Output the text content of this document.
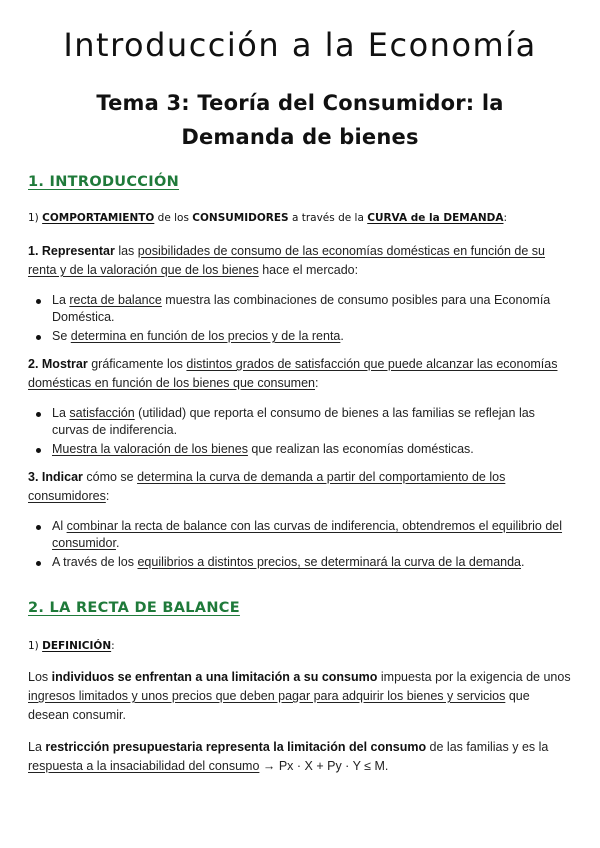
Introducción a la Economía
Tema 3: Teoría del Consumidor: la Demanda de bienes
1. INTRODUCCIÓN

1) COMPORTAMIENTO de los CONSUMIDORES a través de la CURVA de la DEMANDA:

1. Representar las posibilidades de consumo de las economías domésticas en función de su renta y de la valoración que de los bienes hace el mercado:

La recta de balance muestra las combinaciones de consumo posibles para una Economía Doméstica.
Se determina en función de los precios y de la renta.

2. Mostrar gráficamente los distintos grados de satisfacción que puede alcanzar las economías domésticas en función de los bienes que consumen:

La satisfacción (utilidad) que reporta el consumo de bienes a las familias se reflejan las curvas de indiferencia.
Muestra la valoración de los bienes que realizan las economías domésticas.

3. Indicar cómo se determina la curva de demanda a partir del comportamiento de los consumidores:

Al combinar la recta de balance con las curvas de indiferencia, obtendremos el equilibrio del consumidor.
A través de los equilibrios a distintos precios, se determinará la curva de la demanda.
2. LA RECTA DE BALANCE

1) DEFINICIÓN:

Los individuos se enfrentan a una limitación a su consumo impuesta por la exigencia de unos ingresos limitados y unos precios que deben pagar para adquirir los bienes y servicios que desean consumir.

La restricción presupuestaria representa la limitación del consumo de las familias y es la respuesta a la insaciabilidad del consumo → Px · X + Py · Y ≤ M.
